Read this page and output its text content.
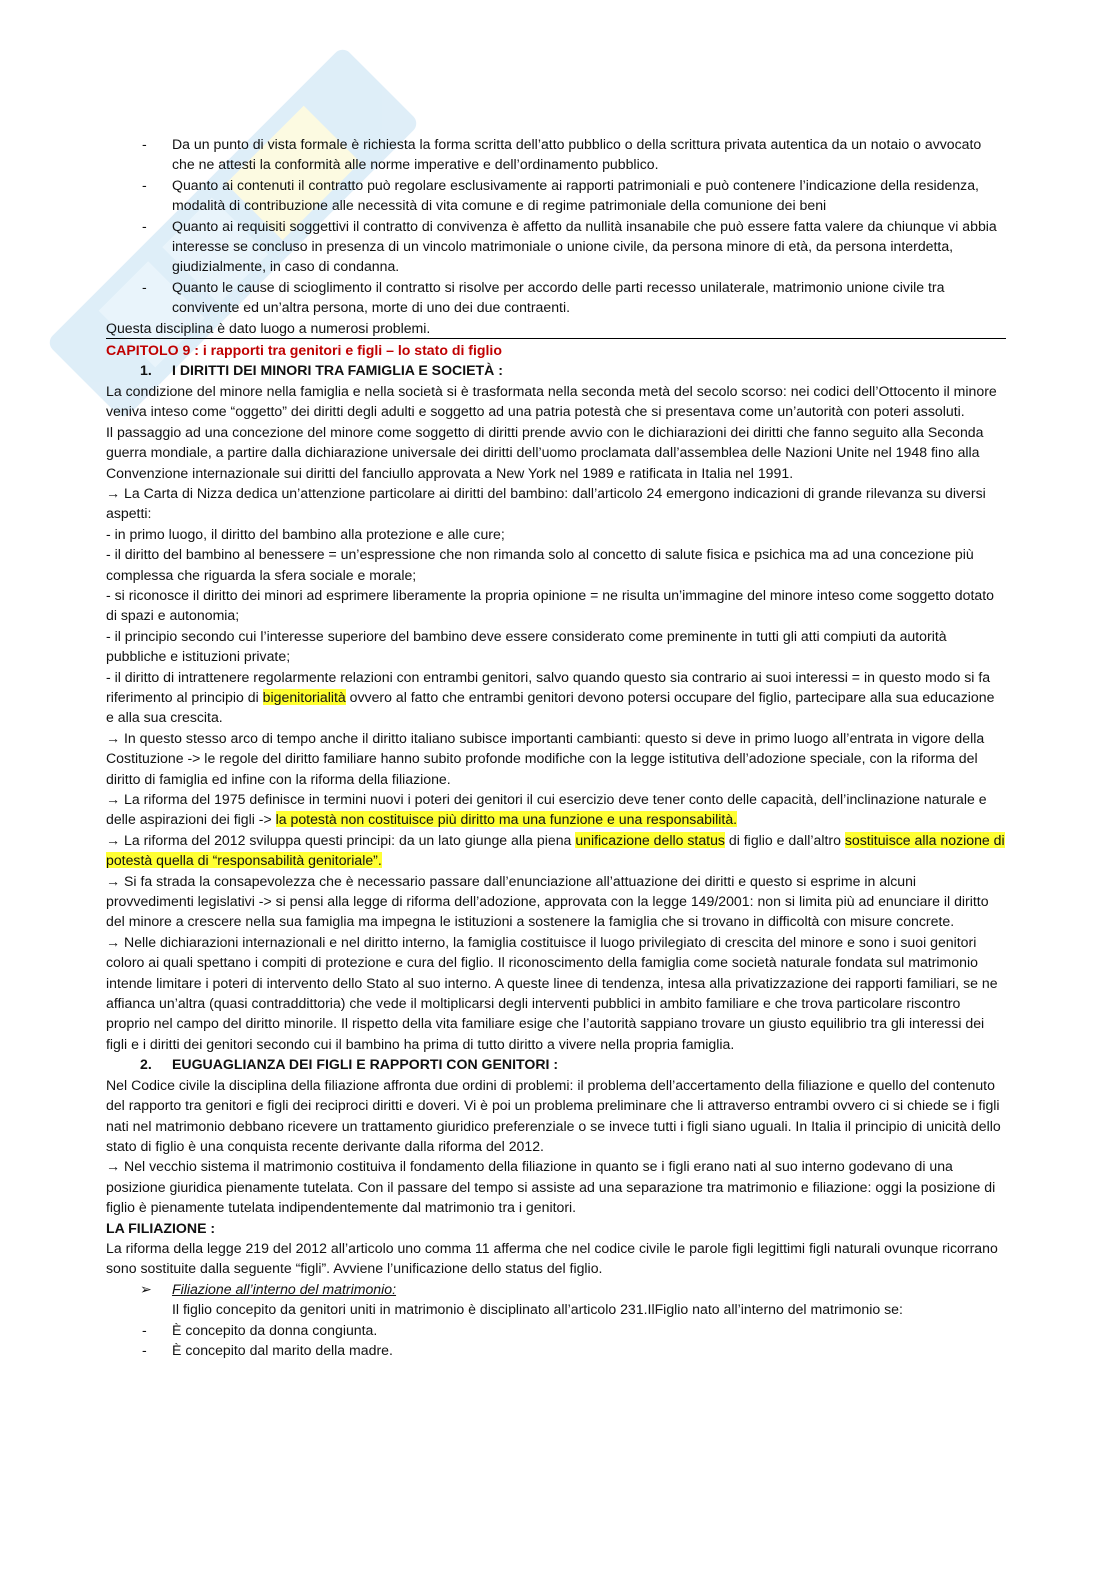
- Da un punto di vista formale è richiesta la forma scritta dell’atto pubblico o della scrittura privata autentica da un notaio o avvocato che ne attesti la conformità alle norme imperative e dell’ordinamento pubblico.

- Quanto ai contenuti il contratto può regolare esclusivamente ai rapporti patrimoniali e può contenere l’indicazione della residenza, modalità di contribuzione alle necessità di vita comune e di regime patrimoniale della comunione dei beni

- Quanto ai requisiti soggettivi il contratto di convivenza è affetto da nullità insanabile che può essere fatta valere da chiunque vi abbia interesse se concluso in presenza di un vincolo matrimoniale o unione civile, da persona minore di età, da persona interdetta, giudizialmente, in caso di condanna.

- Quanto le cause di scioglimento il contratto si risolve per accordo delle parti recesso unilaterale, matrimonio unione civile tra convivente ed un’altra persona, morte di uno dei due contraenti.

Questa disciplina è dato luogo a numerosi problemi.

CAPITOLO 9 : i rapporti tra genitori e figli – lo stato di figlio

1. I DIRITTI DEI MINORI TRA FAMIGLIA E SOCIETÀ :

La condizione del minore nella famiglia e nella società si è trasformata nella seconda metà del secolo scorso: nei codici dell’Ottocento il minore veniva inteso come “oggetto” dei diritti degli adulti e soggetto ad una patria potestà che si presentava come un’autorità con poteri assoluti.

Il passaggio ad una concezione del minore come soggetto di diritti prende avvio con le dichiarazioni dei diritti che fanno seguito alla Seconda guerra mondiale, a partire dalla dichiarazione universale dei diritti dell’uomo proclamata dall’assemblea delle Nazioni Unite nel 1948 fino alla Convenzione internazionale sui diritti del fanciullo approvata a New York nel 1989 e ratificata in Italia nel 1991.

→ La Carta di Nizza dedica un’attenzione particolare ai diritti del bambino: dall’articolo 24 emergono indicazioni di grande rilevanza su diversi aspetti:

- in primo luogo, il diritto del bambino alla protezione e alle cure;

- il diritto del bambino al benessere = un’espressione che non rimanda solo al concetto di salute fisica e psichica ma ad una concezione più complessa che riguarda la sfera sociale e morale;

- si riconosce il diritto dei minori ad esprimere liberamente la propria opinione = ne risulta un’immagine del minore inteso come soggetto dotato di spazi e autonomia;

- il principio secondo cui l’interesse superiore del bambino deve essere considerato come preminente in tutti gli atti compiuti da autorità pubbliche e istituzioni private;

- il diritto di intrattenere regolarmente relazioni con entrambi genitori, salvo quando questo sia contrario ai suoi interessi = in questo modo si fa riferimento al principio di bigenitorialità ovvero al fatto che entrambi genitori devono potersi occupare del figlio, partecipare alla sua educazione e alla sua crescita.

→ In questo stesso arco di tempo anche il diritto italiano subisce importanti cambianti: questo si deve in primo luogo all’entrata in vigore della Costituzione -> le regole del diritto familiare hanno subito profonde modifiche con la legge istitutiva dell’adozione speciale, con la riforma del diritto di famiglia ed infine con la riforma della filiazione.

→ La riforma del 1975 definisce in termini nuovi i poteri dei genitori il cui esercizio deve tener conto delle capacità, dell’inclinazione naturale e delle aspirazioni dei figli -> la potestà non costituisce più diritto ma una funzione e una responsabilità.

→ La riforma del 2012 sviluppa questi principi: da un lato giunge alla piena unificazione dello status di figlio e dall’altro sostituisce alla nozione di potestà quella di “responsabilità genitoriale”.

→ Si fa strada la consapevolezza che è necessario passare dall’enunciazione all’attuazione dei diritti e questo si esprime in alcuni provvedimenti legislativi -> si pensi alla legge di riforma dell’adozione, approvata con la legge 149/2001: non si limita più ad enunciare il diritto del minore a crescere nella sua famiglia ma impegna le istituzioni a sostenere la famiglia che si trovano in difficoltà con misure concrete.

→ Nelle dichiarazioni internazionali e nel diritto interno, la famiglia costituisce il luogo privilegiato di crescita del minore e sono i suoi genitori coloro ai quali spettano i compiti di protezione e cura del figlio. Il riconoscimento della famiglia come società naturale fondata sul matrimonio intende limitare i poteri di intervento dello Stato al suo interno. A queste linee di tendenza, intesa alla privatizzazione dei rapporti familiari, se ne affianca un’altra (quasi contraddittoria) che vede il moltiplicarsi degli interventi pubblici in ambito familiare e che trova particolare riscontro proprio nel campo del diritto minorile. Il rispetto della vita familiare esige che l’autorità sappiano trovare un giusto equilibrio tra gli interessi dei figli e i diritti dei genitori secondo cui il bambino ha prima di tutto diritto a vivere nella propria famiglia.

2. EUGUAGLIANZA DEI FIGLI E RAPPORTI CON GENITORI :

Nel Codice civile la disciplina della filiazione affronta due ordini di problemi: il problema dell’accertamento della filiazione e quello del contenuto del rapporto tra genitori e figli dei reciproci diritti e doveri. Vi è poi un problema preliminare che li attraverso entrambi ovvero ci si chiede se i figli nati nel matrimonio debbano ricevere un trattamento giuridico preferenziale o se invece tutti i figli siano uguali. In Italia il principio di unicità dello stato di figlio è una conquista recente derivante dalla riforma del 2012.

→ Nel vecchio sistema il matrimonio costituiva il fondamento della filiazione in quanto se i figli erano nati al suo interno godevano di una posizione giuridica pienamente tutelata. Con il passare del tempo si assiste ad una separazione tra matrimonio e filiazione: oggi la posizione di figlio è pienamente tutelata indipendentemente dal matrimonio tra i genitori.

LA FILIAZIONE :

La riforma della legge 219 del 2012 all’articolo uno comma 11 afferma che nel codice civile le parole figli legittimi figli naturali ovunque ricorrano sono sostituite dalla seguente “figli”. Avviene l’unificazione dello status del figlio.

➢ Filiazione all’interno del matrimonio:

Il figlio concepito da genitori uniti in matrimonio è disciplinato all’articolo 231.IlFiglio nato all’interno del matrimonio se:

- È concepito da donna congiunta.

- È concepito dal marito della madre.
